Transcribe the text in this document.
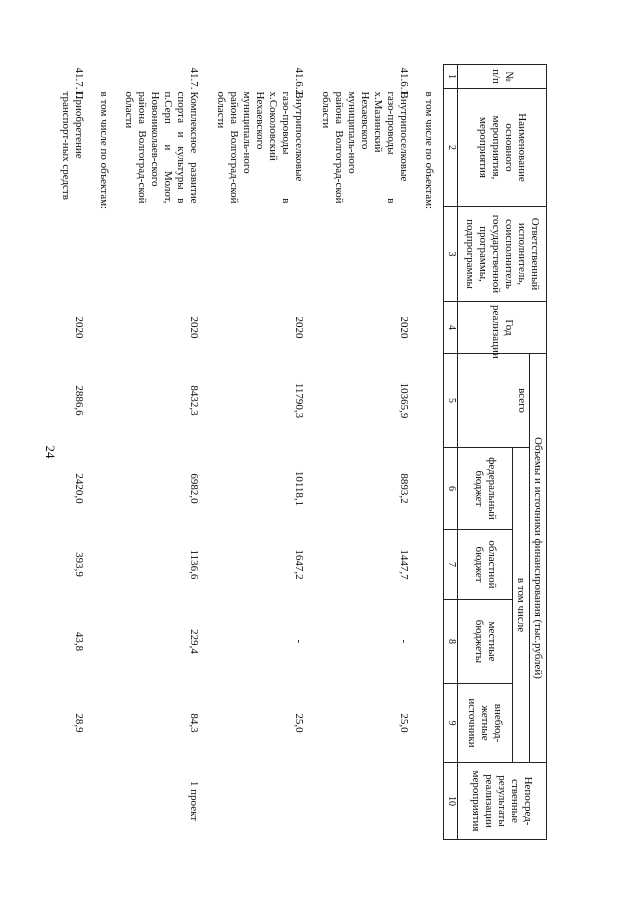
24
№ п/п	Наименование основного мероприятия, мероприятия	Ответственный исполнитель, соисполнитель государственной программы, подпрограммы	Год реализации	Объемы и источники финансирования (тыс.рублей)					Непосред-ственные результаты реализации мероприятия
				всего	в том числе				
					федеральный бюджет	областной бюджет	местные бюджеты	внебюд-жетные источники	
1	2	3	4	5	6	7	8	9	10
	в том числе по объектам:								
41.6.1.	Внутрипоселковые газо-проводы в х.Мазинский Нехаевского муниципаль-ного района Волгоград-ской области		2020	10365,9	8893,2	1447,7	-	25,0	
41.6.2.	Внутрипоселковые газо-проводы в х.Соколовский Нехаевского муниципаль-ного района Волгоград-ской области		2020	11790,3	10118,1	1647,2	-	25,0	
41.7.	Комплексное развитие спорта и культуры в п.Серп и Молот, Новониколаев-ского района Волгоград-ской области		2020	8432,3	6982,0	1136,6	229,4	84,3	1 проект
	в том числе по объектам:								
41.7.1.	Приобретение транспорт-ных средств		2020	2886,6	2420,0	393,9	43,8	28,9	
